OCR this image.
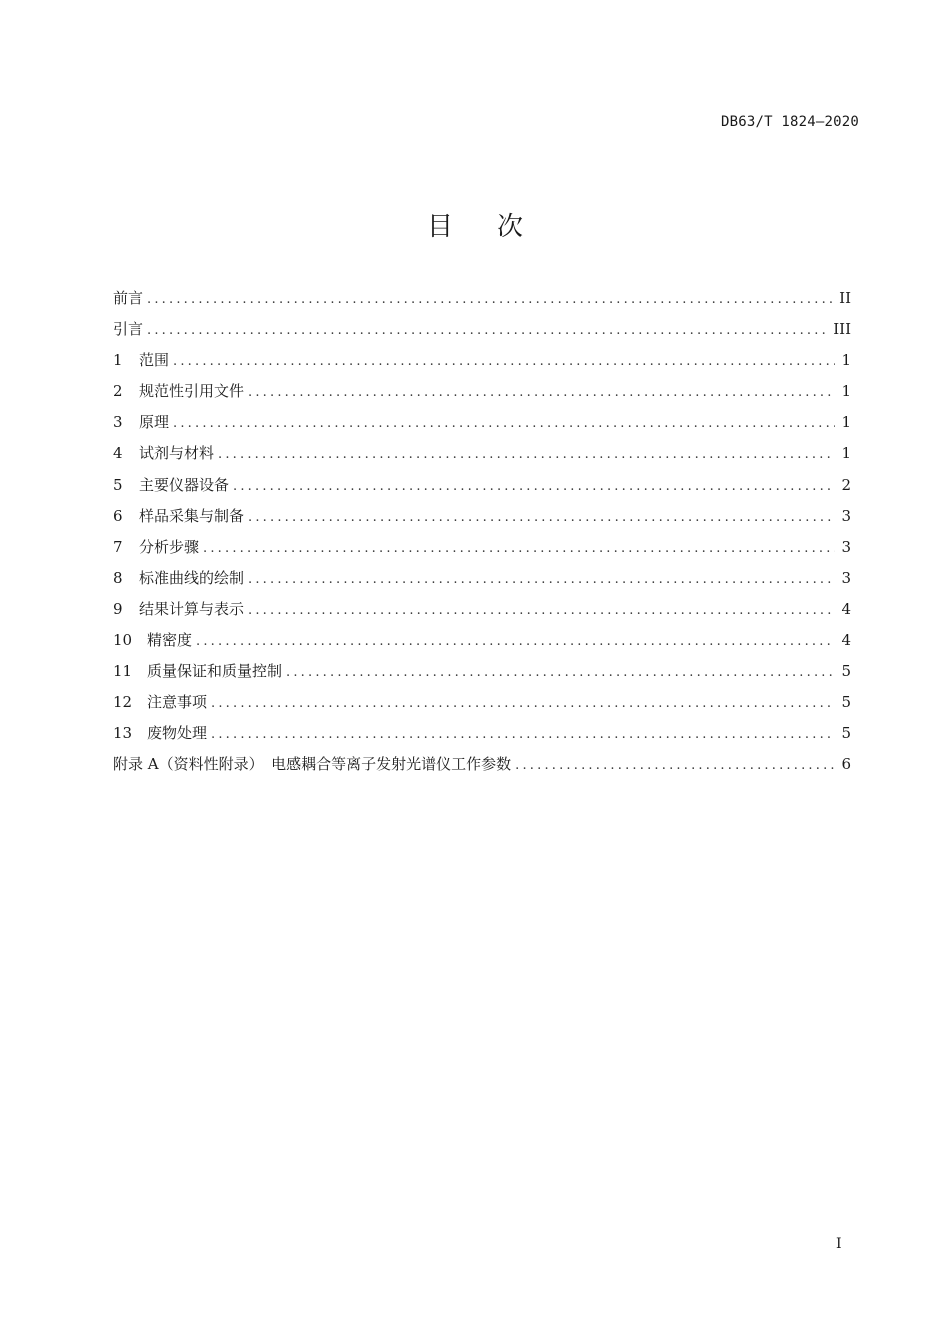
DB63/T 1824—2020
目次
前言 .....	II
引言 .....	III
1	范围 .....	1
2	规范性引用文件 .....	1
3	原理 .....	1
4	试剂与材料 .....	1
5	主要仪器设备 .....	2
6	样品采集与制备 .....	3
7	分析步骤 .....	3
8	标准曲线的绘制 .....	3
9	结果计算与表示 .....	4
10 精密度 .....	4
11 质量保证和质量控制 .....	5
12 注意事项 .....	5
13 废物处理 .....	5
附录 A（资料性附录）　电感耦合等离子发射光谱仪工作参数 .....	6
I
